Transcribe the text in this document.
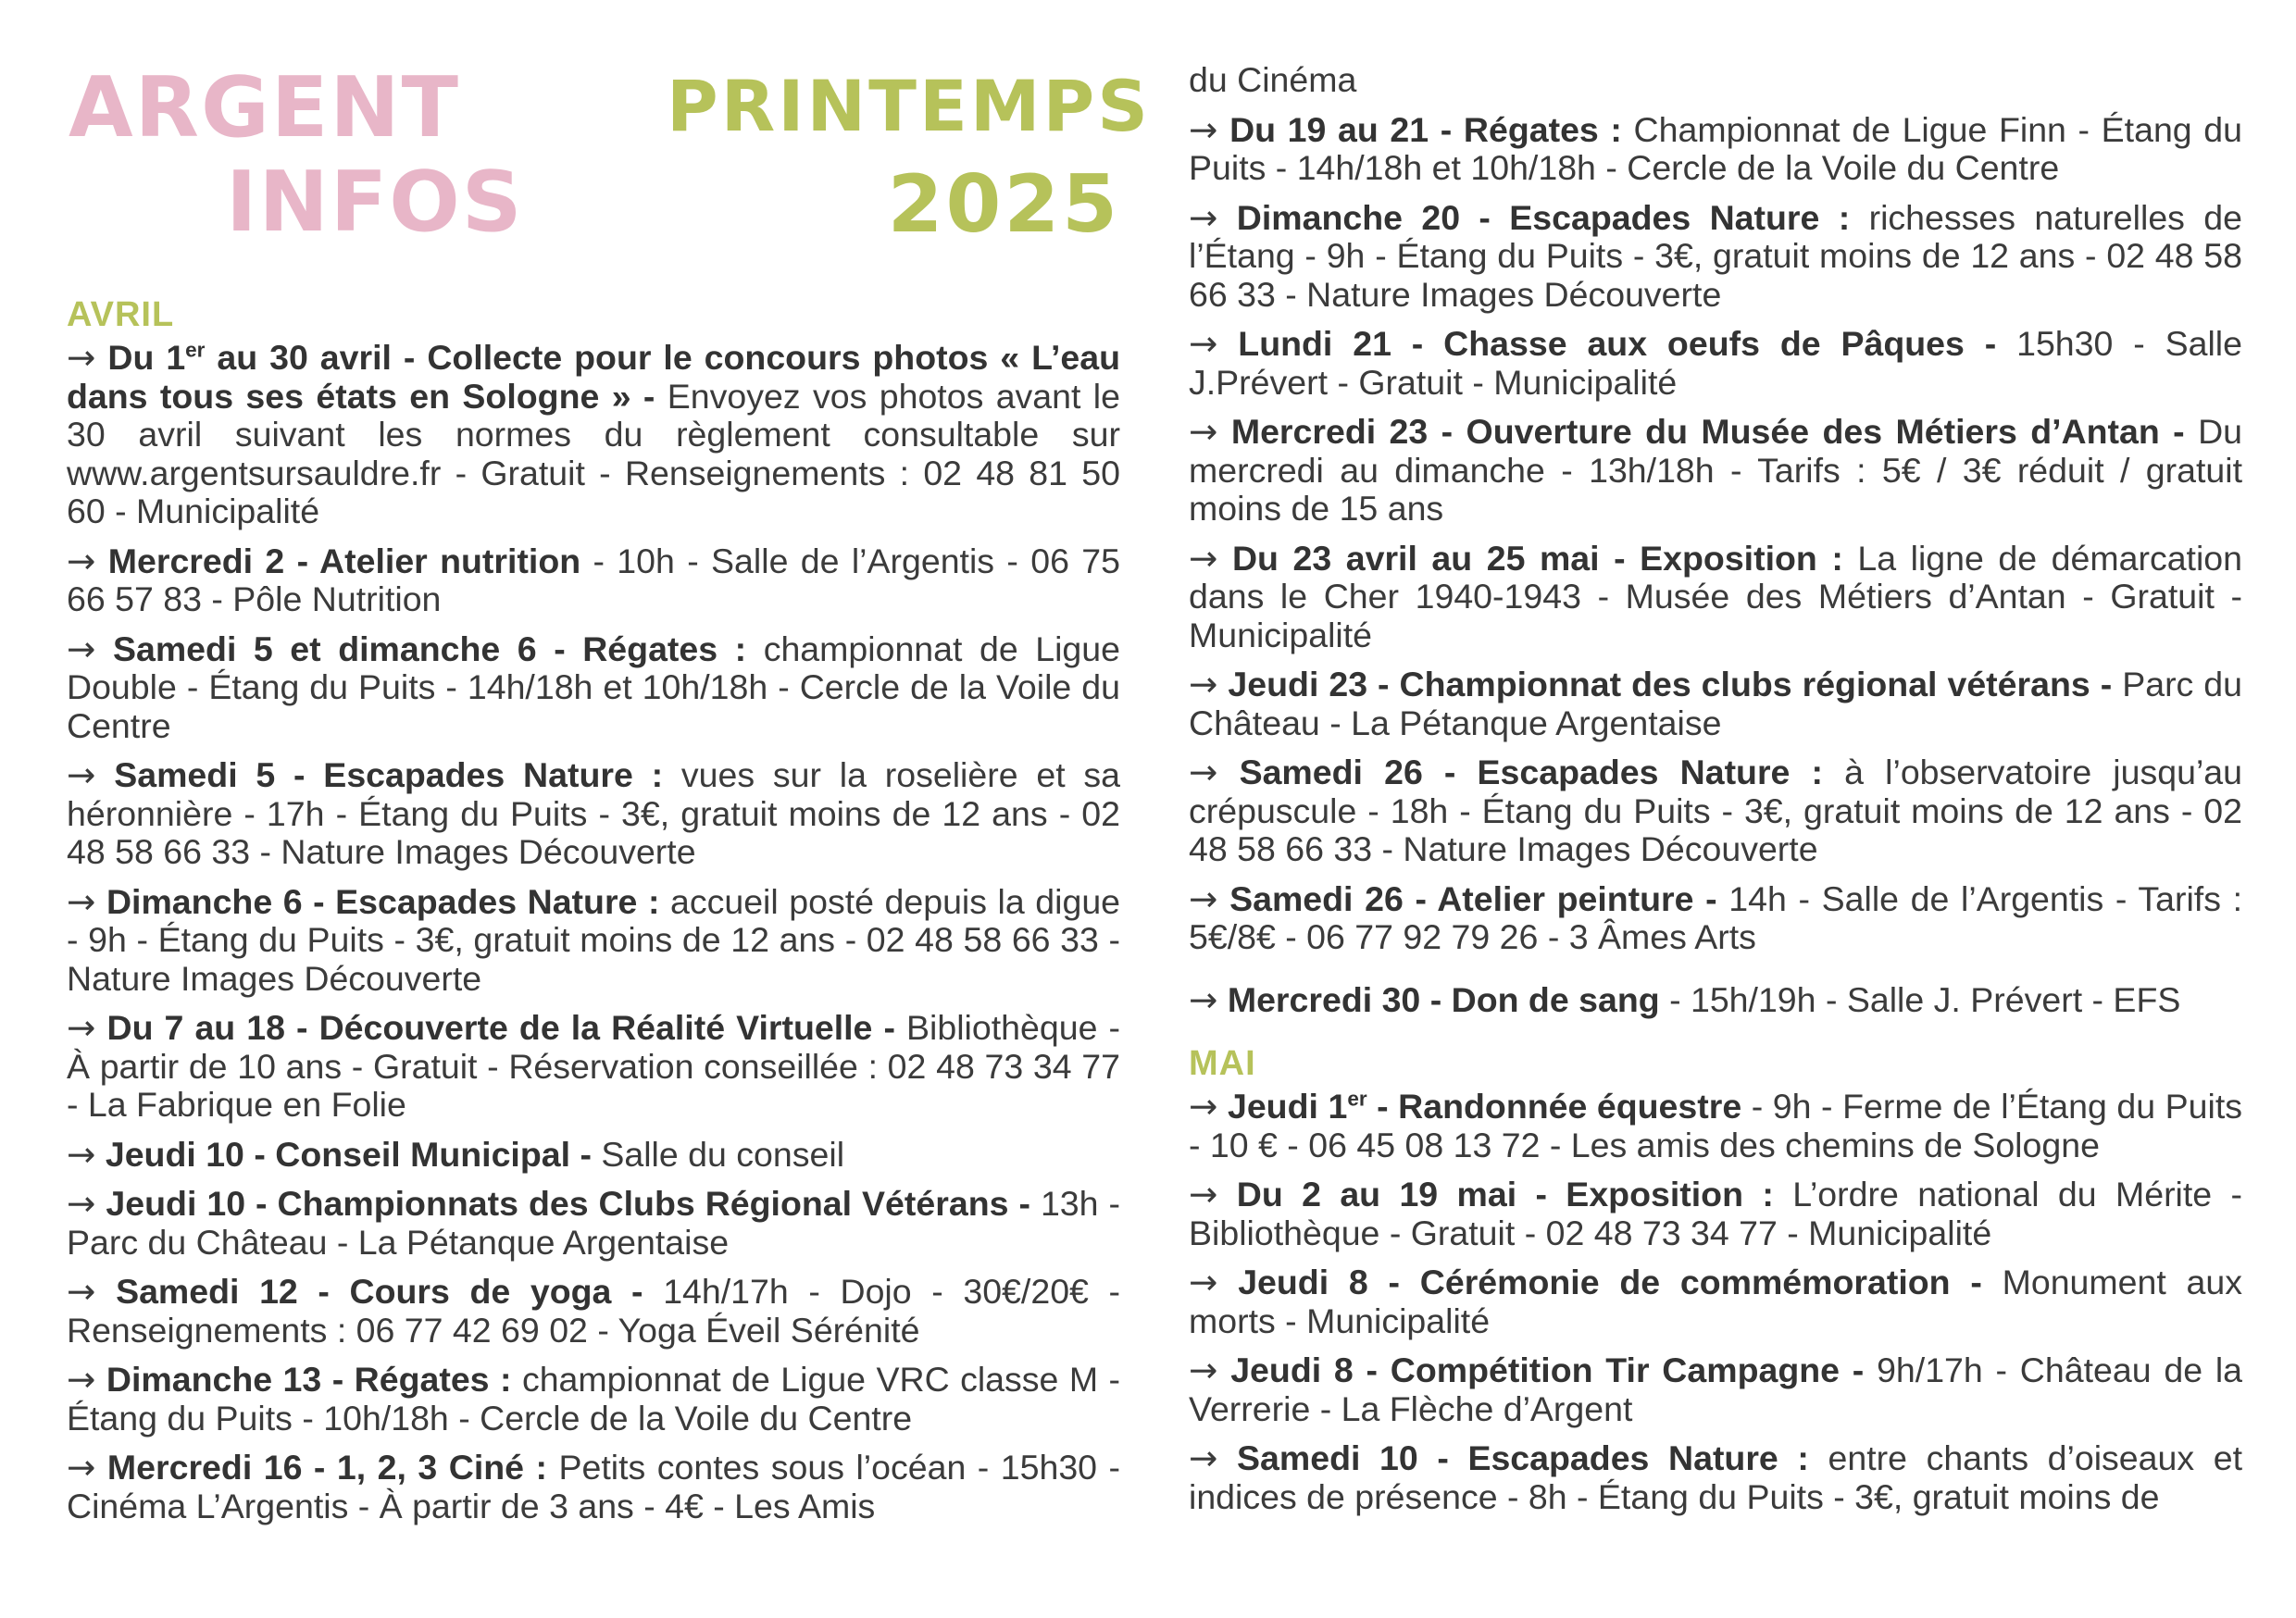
ARGENT
INFOS
PRINTEMPS
2025
AVRIL
→ Du 1er au 30 avril - Collecte pour le concours photos « L’eau dans tous ses états en Sologne » - Envoyez vos photos avant le 30 avril suivant les normes du règlement consultable sur www.argentsursauldre.fr - Gratuit - Renseignements : 02 48 81 50 60 - Municipalité
→ Mercredi 2 - Atelier nutrition - 10h - Salle de l’Argentis - 06 75 66 57 83 - Pôle Nutrition
→ Samedi 5 et dimanche 6 - Régates : championnat de Ligue Double - Étang du Puits - 14h/18h et 10h/18h - Cercle de la Voile du Centre
→ Samedi 5 - Escapades Nature : vues sur la roselière et sa héronnière - 17h - Étang du Puits - 3€, gratuit moins de 12 ans - 02 48 58 66 33 - Nature Images Découverte
→ Dimanche 6 - Escapades Nature : accueil posté depuis la digue - 9h - Étang du Puits - 3€, gratuit moins de 12 ans - 02 48 58 66 33 - Nature Images Découverte
→ Du 7 au 18 - Découverte de la Réalité Virtuelle - Bibliothèque - À partir de 10 ans - Gratuit - Réservation conseillée : 02 48 73 34 77 - La Fabrique en Folie
→ Jeudi 10 - Conseil Municipal - Salle du conseil
→ Jeudi 10 - Championnats des Clubs Régional Vétérans - 13h - Parc du Château - La Pétanque Argentaise
→ Samedi 12 - Cours de yoga - 14h/17h - Dojo - 30€/20€ - Renseignements : 06 77 42 69 02 - Yoga Éveil Sérénité
→ Dimanche 13 - Régates : championnat de Ligue VRC classe M - Étang du Puits - 10h/18h - Cercle de la Voile du Centre
→ Mercredi 16 - 1, 2, 3 Ciné : Petits contes sous l’océan - 15h30 - Cinéma L’Argentis - À partir de 3 ans - 4€ - Les Amis
du Cinéma
→ Du 19 au 21 - Régates : Championnat de Ligue Finn - Étang du Puits - 14h/18h et 10h/18h - Cercle de la Voile du Centre
→ Dimanche 20 - Escapades Nature : richesses naturelles de l’Étang - 9h - Étang du Puits - 3€, gratuit moins de 12 ans - 02 48 58 66 33 - Nature Images Découverte
→ Lundi 21 - Chasse aux oeufs de Pâques - 15h30 - Salle J.Prévert - Gratuit - Municipalité
→ Mercredi 23 - Ouverture du Musée des Métiers d’Antan - Du mercredi au dimanche - 13h/18h - Tarifs : 5€ / 3€ réduit / gratuit moins de 15 ans
→ Du 23 avril au 25 mai - Exposition : La ligne de démarcation dans le Cher 1940-1943 - Musée des Métiers d’Antan - Gratuit - Municipalité
→ Jeudi 23 - Championnat des clubs régional vétérans - Parc du Château - La Pétanque Argentaise
→ Samedi 26 - Escapades Nature : à l’observatoire jusqu’au crépuscule - 18h - Étang du Puits - 3€, gratuit moins de 12 ans - 02 48 58 66 33 - Nature Images Découverte
→ Samedi 26 - Atelier peinture - 14h - Salle de l’Argentis - Tarifs : 5€/8€ - 06 77 92 79 26 - 3 Âmes Arts
→ Mercredi 30 - Don de sang - 15h/19h - Salle J. Prévert - EFS
MAI
→ Jeudi 1er - Randonnée équestre - 9h - Ferme de l’Étang du Puits - 10 € - 06 45 08 13 72 - Les amis des chemins de Sologne
→ Du 2 au 19 mai - Exposition : L’ordre national du Mérite - Bibliothèque - Gratuit - 02 48 73 34 77 - Municipalité
→ Jeudi 8 - Cérémonie de commémoration - Monument aux morts - Municipalité
→ Jeudi 8 - Compétition Tir Campagne - 9h/17h - Château de la Verrerie - La Flèche d’Argent
→ Samedi 10 - Escapades Nature : entre chants d’oiseaux et indices de présence - 8h - Étang du Puits - 3€, gratuit moins de
